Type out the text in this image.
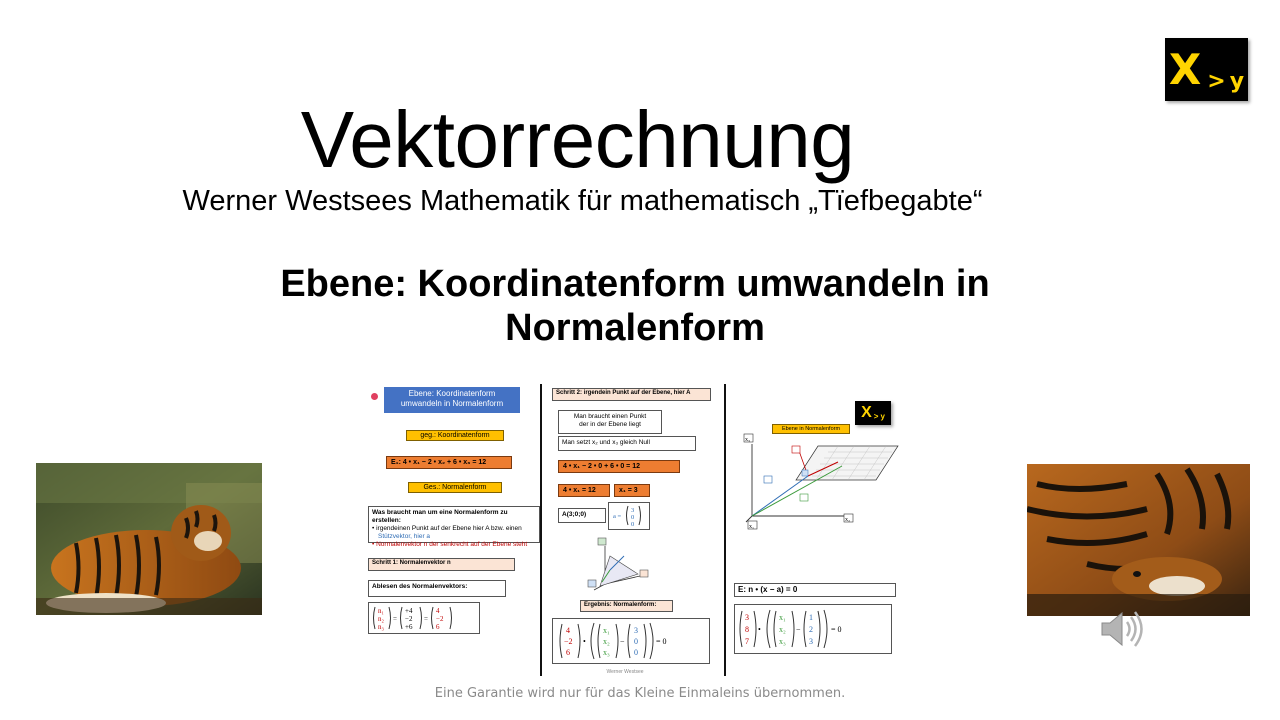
Vektorrechnung
Werner Westsees Mathematik für mathematisch „Tïefbegabte“
Ebene: Koordinatenform umwandeln in
Normalenform
X > y
Ebene: Koordinatenform
umwandeln in Normalenform
geg.: Koordinatenform
E₁: 4 • x₁ − 2 • x₂ + 6 • x₃ = 12
Ges.: Normalenform
Was braucht man um eine Normalenform zu erstellen:
• irgendeinen Punkt auf der Ebene hier A bzw. einen
Stützvektor, hier a
• Normalenvektor n der senkrecht auf der Ebene steht
Schritt 1: Normalenvektor n
Ablesen des Normalenvektors:
n₁
n₂
n₃
=
+4
−2
+6
=
4
−2
6
Schritt 2: irgendein Punkt auf der Ebene, hier A
Man braucht einen Punkt
der in der Ebene liegt
Man setzt x₂ und x₃ gleich Null
4 • x₁ − 2 • 0 + 6 • 0 = 12
4 • x₁ = 12	x₁ = 3
A(3;0;0)	a =
3
0
0
Ergebnis: Normalenform:
4
−2
6
•
x₁
x₂
x₃
−
3
0
0
= 0
Werner Westsee
X > y
Ebene in Normalenform
x₃
x₂
x₁
E: n • (x − a) = 0
3
8
7
•
x₁
x₂
x₃
−
1
2
3
= 0
Eine Garantie wird nur für das Kleine Einmaleins übernommen.
